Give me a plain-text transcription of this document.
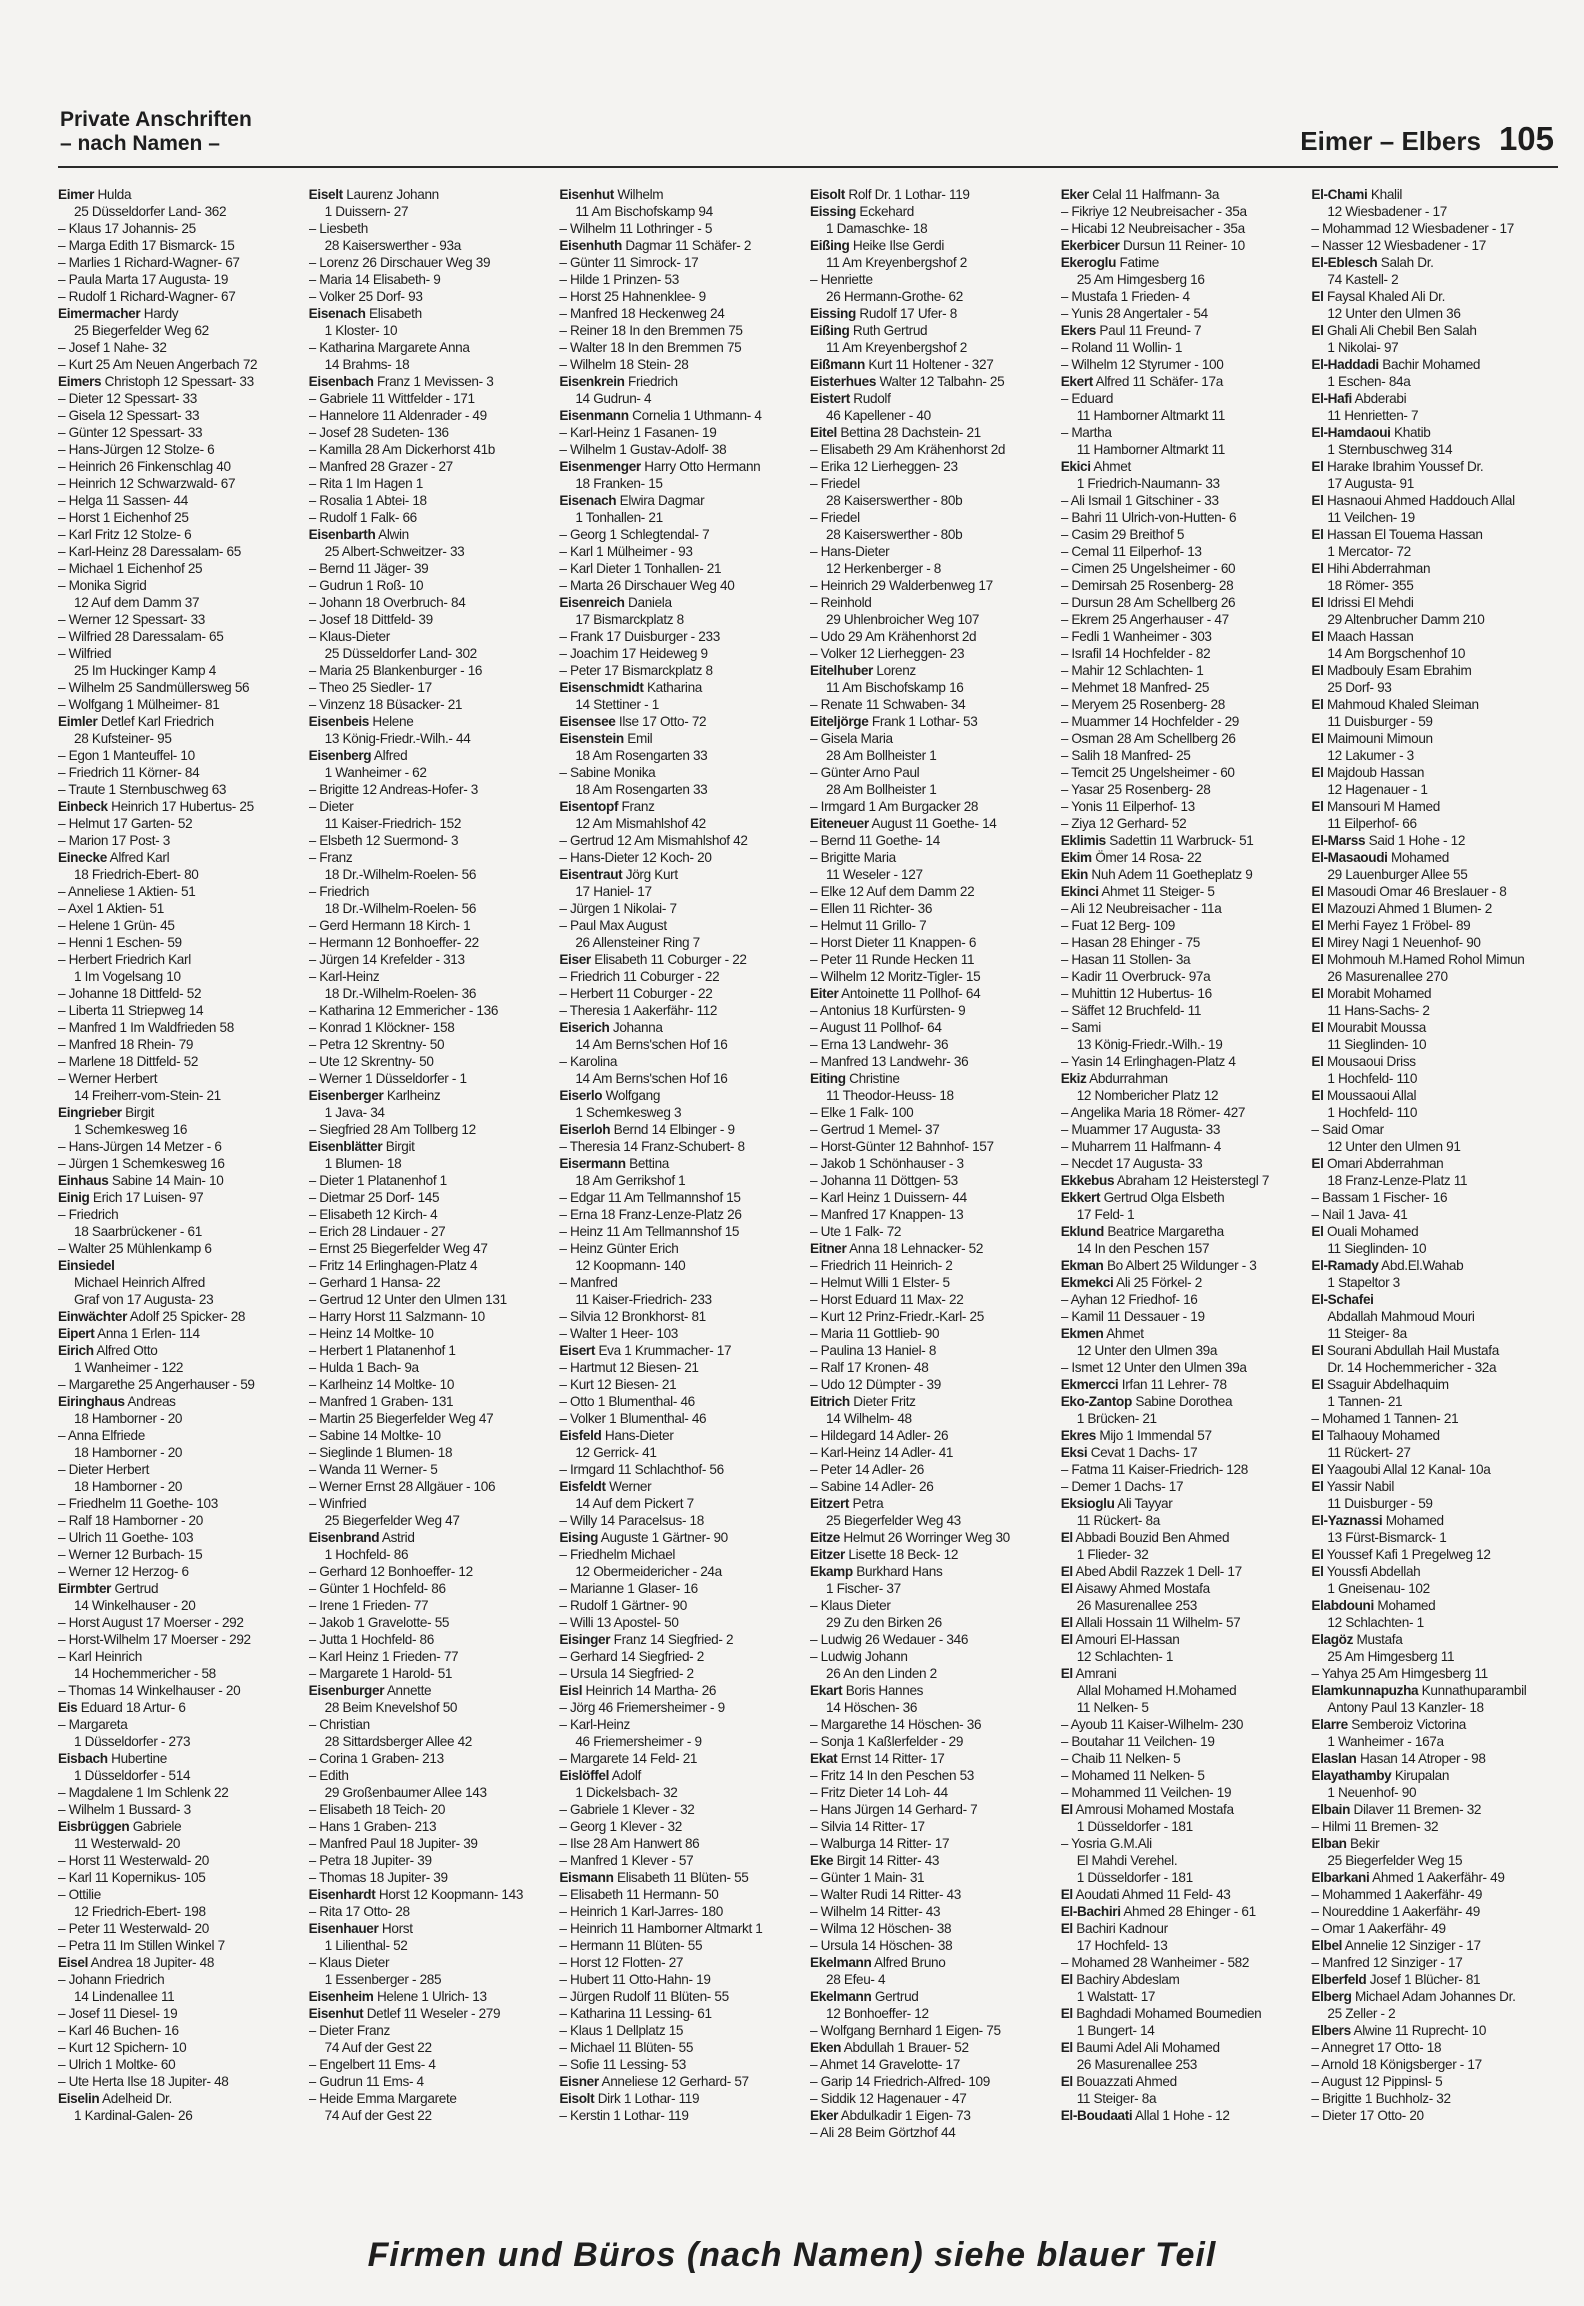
Private Anschriften
– nach Namen –	Eimer – Elbers 105
Eimer Hulda
25 Düsseldorfer Land- 362
– Klaus 17 Johannis- 25
– Marga Edith 17 Bismarck- 15
– Marlies 1 Richard-Wagner- 67
– Paula Marta 17 Augusta- 19
– Rudolf 1 Richard-Wagner- 67
Eimermacher Hardy
25 Biegerfelder Weg 62
– Josef 1 Nahe- 32
– Kurt 25 Am Neuen Angerbach 72
Eimers Christoph 12 Spessart- 33
– Dieter 12 Spessart- 33
– Gisela 12 Spessart- 33
– Günter 12 Spessart- 33
– Hans-Jürgen 12 Stolze- 6
– Heinrich 26 Finkenschlag 40
– Heinrich 12 Schwarzwald- 67
– Helga 11 Sassen- 44
– Horst 1 Eichenhof 25
– Karl Fritz 12 Stolze- 6
– Karl-Heinz 28 Daressalam- 65
– Michael 1 Eichenhof 25
– Monika Sigrid
12 Auf dem Damm 37
– Werner 12 Spessart- 33
– Wilfried 28 Daressalam- 65
– Wilfried
25 Im Huckinger Kamp 4
– Wilhelm 25 Sandmüllersweg 56
– Wolfgang 1 Mülheimer- 81
Eimler Detlef Karl Friedrich
28 Kufsteiner- 95
– Egon 1 Manteuffel- 10
– Friedrich 11 Körner- 84
– Traute 1 Sternbuschweg 63
Einbeck Heinrich 17 Hubertus- 25
– Helmut 17 Garten- 52
– Marion 17 Post- 3
Einecke Alfred Karl
18 Friedrich-Ebert- 80
– Anneliese 1 Aktien- 51
– Axel 1 Aktien- 51
– Helene 1 Grün- 45
– Henni 1 Eschen- 59
– Herbert Friedrich Karl
1 Im Vogelsang 10
– Johanne 18 Dittfeld- 52
– Liberta 11 Striepweg 14
– Manfred 1 Im Waldfrieden 58
– Manfred 18 Rhein- 79
– Marlene 18 Dittfeld- 52
– Werner Herbert
14 Freiherr-vom-Stein- 21
Eingrieber Birgit
1 Schemkesweg 16
– Hans-Jürgen 14 Metzer - 6
– Jürgen 1 Schemkesweg 16
Einhaus Sabine 14 Main- 10
Einig Erich 17 Luisen- 97
– Friedrich
18 Saarbrückener - 61
– Walter 25 Mühlenkamp 6
Einsiedel
Michael Heinrich Alfred
Graf von 17 Augusta- 23
Einwächter Adolf 25 Spicker- 28
Eipert Anna 1 Erlen- 114
Eirich Alfred Otto
1 Wanheimer - 122
– Margarethe 25 Angerhauser - 59
Eiringhaus Andreas
18 Hamborner - 20
– Anna Elfriede
18 Hamborner - 20
– Dieter Herbert
18 Hamborner - 20
– Friedhelm 11 Goethe- 103
– Ralf 18 Hamborner - 20
– Ulrich 11 Goethe- 103
– Werner 12 Burbach- 15
– Werner 12 Herzog- 6
Eirmbter Gertrud
14 Winkelhauser - 20
– Horst August 17 Moerser - 292
– Horst-Wilhelm 17 Moerser - 292
– Karl Heinrich
14 Hochemmericher - 58
– Thomas 14 Winkelhauser - 20
Eis Eduard 18 Artur- 6
– Margareta
1 Düsseldorfer - 273
Eisbach Hubertine
1 Düsseldorfer - 514
– Magdalene 1 Im Schlenk 22
– Wilhelm 1 Bussard- 3
Eisbrüggen Gabriele
11 Westerwald- 20
– Horst 11 Westerwald- 20
– Karl 11 Kopernikus- 105
– Ottilie
12 Friedrich-Ebert- 198
– Peter 11 Westerwald- 20
– Petra 11 Im Stillen Winkel 7
Eisel Andrea 18 Jupiter- 48
– Johann Friedrich
14 Lindenallee 11
– Josef 11 Diesel- 19
– Karl 46 Buchen- 16
– Kurt 12 Spichern- 10
– Ulrich 1 Moltke- 60
– Ute Herta Ilse 18 Jupiter- 48
Eiselin Adelheid Dr.
1 Kardinal-Galen- 26
Eiselt Laurenz Johann
1 Duissern- 27
– Liesbeth
28 Kaiserswerther - 93a
– Lorenz 26 Dirschauer Weg 39
– Maria 14 Elisabeth- 9
– Volker 25 Dorf- 93
Eisenach Elisabeth
1 Kloster- 10
– Katharina Margarete Anna
14 Brahms- 18
Eisenbach Franz 1 Mevissen- 3
– Gabriele 11 Wittfelder - 171
– Hannelore 11 Aldenrader - 49
– Josef 28 Sudeten- 136
– Kamilla 28 Am Dickerhorst 41b
– Manfred 28 Grazer - 27
– Rita 1 Im Hagen 1
– Rosalia 1 Abtei- 18
– Rudolf 1 Falk- 66
Eisenbarth Alwin
25 Albert-Schweitzer- 33
– Bernd 11 Jäger- 39
– Gudrun 1 Roß- 10
– Johann 18 Overbruch- 84
– Josef 18 Dittfeld- 39
– Klaus-Dieter
25 Düsseldorfer Land- 302
– Maria 25 Blankenburger - 16
– Theo 25 Siedler- 17
– Vinzenz 18 Büsacker- 21
Eisenbeis Helene
13 König-Friedr.-Wilh.- 44
Eisenberg Alfred
1 Wanheimer - 62
– Brigitte 12 Andreas-Hofer- 3
– Dieter
11 Kaiser-Friedrich- 152
– Elsbeth 12 Suermond- 3
– Franz
18 Dr.-Wilhelm-Roelen- 56
– Friedrich
18 Dr.-Wilhelm-Roelen- 56
– Gerd Hermann 18 Kirch- 1
– Hermann 12 Bonhoeffer- 22
– Jürgen 14 Krefelder - 313
– Karl-Heinz
18 Dr.-Wilhelm-Roelen- 36
– Katharina 12 Emmericher - 136
– Konrad 1 Klöckner- 158
– Petra 12 Skrentny- 50
– Ute 12 Skrentny- 50
– Werner 1 Düsseldorfer - 1
Eisenberger Karlheinz
1 Java- 34
– Siegfried 28 Am Tollberg 12
Eisenblätter Birgit
1 Blumen- 18
– Dieter 1 Platanenhof 1
– Dietmar 25 Dorf- 145
– Elisabeth 12 Kirch- 4
– Erich 28 Lindauer - 27
– Ernst 25 Biegerfelder Weg 47
– Fritz 14 Erlinghagen-Platz 4
– Gerhard 1 Hansa- 22
– Gertrud 12 Unter den Ulmen 131
– Harry Horst 11 Salzmann- 10
– Heinz 14 Moltke- 10
– Herbert 1 Platanenhof 1
– Hulda 1 Bach- 9a
– Karlheinz 14 Moltke- 10
– Manfred 1 Graben- 131
– Martin 25 Biegerfelder Weg 47
– Sabine 14 Moltke- 10
– Sieglinde 1 Blumen- 18
– Wanda 11 Werner- 5
– Werner Ernst 28 Allgäuer - 106
– Winfried
25 Biegerfelder Weg 47
Eisenbrand Astrid
1 Hochfeld- 86
– Gerhard 12 Bonhoeffer- 12
– Günter 1 Hochfeld- 86
– Irene 1 Frieden- 77
– Jakob 1 Gravelotte- 55
– Jutta 1 Hochfeld- 86
– Karl Heinz 1 Frieden- 77
– Margarete 1 Harold- 51
Eisenburger Annette
28 Beim Knevelshof 50
– Christian
28 Sittardsberger Allee 42
– Corina 1 Graben- 213
– Edith
29 Großenbaumer Allee 143
– Elisabeth 18 Teich- 20
– Hans 1 Graben- 213
– Manfred Paul 18 Jupiter- 39
– Petra 18 Jupiter- 39
– Thomas 18 Jupiter- 39
Eisenhardt Horst 12 Koopmann- 143
– Rita 17 Otto- 28
Eisenhauer Horst
1 Lilienthal- 52
– Klaus Dieter
1 Essenberger - 285
Eisenheim Helene 1 Ulrich- 13
Eisenhut Detlef 11 Weseler - 279
– Dieter Franz
74 Auf der Gest 22
– Engelbert 11 Ems- 4
– Gudrun 11 Ems- 4
– Heide Emma Margarete
74 Auf der Gest 22
Eisenhut Wilhelm
11 Am Bischofskamp 94
– Wilhelm 11 Lothringer - 5
Eisenhuth Dagmar 11 Schäfer- 2
– Günter 11 Simrock- 17
– Hilde 1 Prinzen- 53
– Horst 25 Hahnenklee- 9
– Manfred 18 Heckenweg 24
– Reiner 18 In den Bremmen 75
– Walter 18 In den Bremmen 75
– Wilhelm 18 Stein- 28
Eisenkrein Friedrich
14 Gudrun- 4
Eisenmann Cornelia 1 Uthmann- 4
– Karl-Heinz 1 Fasanen- 19
– Wilhelm 1 Gustav-Adolf- 38
Eisenmenger Harry Otto Hermann
18 Franken- 15
Eisenach Elwira Dagmar
1 Tonhallen- 21
– Georg 1 Schlegtendal- 7
– Karl 1 Mülheimer - 93
– Karl Dieter 1 Tonhallen- 21
– Marta 26 Dirschauer Weg 40
Eisenreich Daniela
17 Bismarckplatz 8
– Frank 17 Duisburger - 233
– Joachim 17 Heideweg 9
– Peter 17 Bismarckplatz 8
Eisenschmidt Katharina
14 Stettiner - 1
Eisensee Ilse 17 Otto- 72
Eisenstein Emil
18 Am Rosengarten 33
– Sabine Monika
18 Am Rosengarten 33
Eisentopf Franz
12 Am Mismahlshof 42
– Gertrud 12 Am Mismahlshof 42
– Hans-Dieter 12 Koch- 20
Eisentraut Jörg Kurt
17 Haniel- 17
– Jürgen 1 Nikolai- 7
– Paul Max August
26 Allensteiner Ring 7
Eiser Elisabeth 11 Coburger - 22
– Friedrich 11 Coburger - 22
– Herbert 11 Coburger - 22
– Theresia 1 Aakerfähr- 112
Eiserich Johanna
14 Am Berns'schen Hof 16
– Karolina
14 Am Berns'schen Hof 16
Eiserlo Wolfgang
1 Schemkesweg 3
Eiserloh Bernd 14 Elbinger - 9
– Theresia 14 Franz-Schubert- 8
Eisermann Bettina
18 Am Gerrikshof 1
– Edgar 11 Am Tellmannshof 15
– Erna 18 Franz-Lenze-Platz 26
– Heinz 11 Am Tellmannshof 15
– Heinz Günter Erich
12 Koopmann- 140
– Manfred
11 Kaiser-Friedrich- 233
– Silvia 12 Bronkhorst- 81
– Walter 1 Heer- 103
Eisert Eva 1 Krummacher- 17
– Hartmut 12 Biesen- 21
– Kurt 12 Biesen- 21
– Otto 1 Blumenthal- 46
– Volker 1 Blumenthal- 46
Eisfeld Hans-Dieter
12 Gerrick- 41
– Irmgard 11 Schlachthof- 56
Eisfeldt Werner
14 Auf dem Pickert 7
– Willy 14 Paracelsus- 18
Eising Auguste 1 Gärtner- 90
– Friedhelm Michael
12 Obermeidericher - 24a
– Marianne 1 Glaser- 16
– Rudolf 1 Gärtner- 90
– Willi 13 Apostel- 50
Eisinger Franz 14 Siegfried- 2
– Gerhard 14 Siegfried- 2
– Ursula 14 Siegfried- 2
Eisl Heinrich 14 Martha- 26
– Jörg 46 Friemersheimer - 9
– Karl-Heinz
46 Friemersheimer - 9
– Margarete 14 Feld- 21
Eislöffel Adolf
1 Dickelsbach- 32
– Gabriele 1 Klever - 32
– Georg 1 Klever - 32
– Ilse 28 Am Hanwert 86
– Manfred 1 Klever - 57
Eismann Elisabeth 11 Blüten- 55
– Elisabeth 11 Hermann- 50
– Heinrich 1 Karl-Jarres- 180
– Heinrich 11 Hamborner Altmarkt 1
– Hermann 11 Blüten- 55
– Horst 12 Flotten- 27
– Hubert 11 Otto-Hahn- 19
– Jürgen Rudolf 11 Blüten- 55
– Katharina 11 Lessing- 61
– Klaus 1 Dellplatz 15
– Michael 11 Blüten- 55
– Sofie 11 Lessing- 53
Eisner Anneliese 12 Gerhard- 57
Eisolt Dirk 1 Lothar- 119
– Kerstin 1 Lothar- 119
Eisolt Rolf Dr. 1 Lothar- 119
Eissing Eckehard
1 Damaschke- 18
Eißing Heike Ilse Gerdi
11 Am Kreyenbergshof 2
– Henriette
26 Hermann-Grothe- 62
Eissing Rudolf 17 Ufer- 8
Eißing Ruth Gertrud
11 Am Kreyenbergshof 2
Eißmann Kurt 11 Holtener - 327
Eisterhues Walter 12 Talbahn- 25
Eistert Rudolf
46 Kapellener - 40
Eitel Bettina 28 Dachstein- 21
– Elisabeth 29 Am Krähenhorst 2d
– Erika 12 Lierheggen- 23
– Friedel
28 Kaiserswerther - 80b
– Friedel
28 Kaiserswerther - 80b
– Hans-Dieter
12 Herkenberger - 8
– Heinrich 29 Walderbenweg 17
– Reinhold
29 Uhlenbroicher Weg 107
– Udo 29 Am Krähenhorst 2d
– Volker 12 Lierheggen- 23
Eitelhuber Lorenz
11 Am Bischofskamp 16
– Renate 11 Schwaben- 34
Eiteljörge Frank 1 Lothar- 53
– Gisela Maria
28 Am Bollheister 1
– Günter Arno Paul
28 Am Bollheister 1
– Irmgard 1 Am Burgacker 28
Eiteneuer August 11 Goethe- 14
– Bernd 11 Goethe- 14
– Brigitte Maria
11 Weseler - 127
– Elke 12 Auf dem Damm 22
– Ellen 11 Richter- 36
– Helmut 11 Grillo- 7
– Horst Dieter 11 Knappen- 6
– Peter 11 Runde Hecken 11
– Wilhelm 12 Moritz-Tigler- 15
Eiter Antoinette 11 Pollhof- 64
– Antonius 18 Kurfürsten- 9
– August 11 Pollhof- 64
– Erna 13 Landwehr- 36
– Manfred 13 Landwehr- 36
Eiting Christine
11 Theodor-Heuss- 18
– Elke 1 Falk- 100
– Gertrud 1 Memel- 37
– Horst-Günter 12 Bahnhof- 157
– Jakob 1 Schönhauser - 3
– Johanna 11 Döttgen- 53
– Karl Heinz 1 Duissern- 44
– Manfred 17 Knappen- 13
– Ute 1 Falk- 72
Eitner Anna 18 Lehnacker- 52
– Friedrich 11 Heinrich- 2
– Helmut Willi 1 Elster- 5
– Horst Eduard 11 Max- 22
– Kurt 12 Prinz-Friedr.-Karl- 25
– Maria 11 Gottlieb- 90
– Paulina 13 Haniel- 8
– Ralf 17 Kronen- 48
– Udo 12 Dümpter - 39
Eitrich Dieter Fritz
14 Wilhelm- 48
– Hildegard 14 Adler- 26
– Karl-Heinz 14 Adler- 41
– Peter 14 Adler- 26
– Sabine 14 Adler- 26
Eitzert Petra
25 Biegerfelder Weg 43
Eitze Helmut 26 Worringer Weg 30
Eitzer Lisette 18 Beck- 12
Ekamp Burkhard Hans
1 Fischer- 37
– Klaus Dieter
29 Zu den Birken 26
– Ludwig 26 Wedauer - 346
– Ludwig Johann
26 An den Linden 2
Ekart Boris Hannes
14 Höschen- 36
– Margarethe 14 Höschen- 36
– Sonja 1 Kaßlerfelder - 29
Ekat Ernst 14 Ritter- 17
– Fritz 14 In den Peschen 53
– Fritz Dieter 14 Loh- 44
– Hans Jürgen 14 Gerhard- 7
– Silvia 14 Ritter- 17
– Walburga 14 Ritter- 17
Eke Birgit 14 Ritter- 43
– Günter 1 Main- 31
– Walter Rudi 14 Ritter- 43
– Wilhelm 14 Ritter- 43
– Wilma 12 Höschen- 38
– Ursula 14 Höschen- 38
Ekelmann Alfred Bruno
28 Efeu- 4
Ekelmann Gertrud
12 Bonhoeffer- 12
– Wolfgang Bernhard 1 Eigen- 75
Eken Abdullah 1 Brauer- 52
– Ahmet 14 Gravelotte- 17
– Garip 14 Friedrich-Alfred- 109
– Siddik 12 Hagenauer - 47
Eker Abdulkadir 1 Eigen- 73
– Ali 28 Beim Görtzhof 44
Eker Celal 11 Halfmann- 3a
– Fikriye 12 Neubreisacher - 35a
– Hicabi 12 Neubreisacher - 35a
Ekerbicer Dursun 11 Reiner- 10
Ekeroglu Fatime
25 Am Himgesberg 16
– Mustafa 1 Frieden- 4
– Yunis 28 Angertaler - 54
Ekers Paul 11 Freund- 7
– Roland 11 Wollin- 1
– Wilhelm 12 Styrumer - 100
Ekert Alfred 11 Schäfer- 17a
– Eduard
11 Hamborner Altmarkt 11
– Martha
11 Hamborner Altmarkt 11
Ekici Ahmet
1 Friedrich-Naumann- 33
– Ali Ismail 1 Gitschiner - 33
– Bahri 11 Ulrich-von-Hutten- 6
– Casim 29 Breithof 5
– Cemal 11 Eilperhof- 13
– Cimen 25 Ungelsheimer - 60
– Demirsah 25 Rosenberg- 28
– Dursun 28 Am Schellberg 26
– Ekrem 25 Angerhauser - 47
– Fedli 1 Wanheimer - 303
– Israfil 14 Hochfelder - 82
– Mahir 12 Schlachten- 1
– Mehmet 18 Manfred- 25
– Meryem 25 Rosenberg- 28
– Muammer 14 Hochfelder - 29
– Osman 28 Am Schellberg 26
– Salih 18 Manfred- 25
– Temcit 25 Ungelsheimer - 60
– Yasar 25 Rosenberg- 28
– Yonis 11 Eilperhof- 13
– Ziya 12 Gerhard- 52
Eklimis Sadettin 11 Warbruck- 51
Ekim Ömer 14 Rosa- 22
Ekin Nuh Adem 11 Goetheplatz 9
Ekinci Ahmet 11 Steiger- 5
– Ali 12 Neubreisacher - 11a
– Fuat 12 Berg- 109
– Hasan 28 Ehinger - 75
– Hasan 11 Stollen- 3a
– Kadir 11 Overbruck- 97a
– Muhittin 12 Hubertus- 16
– Säffet 12 Bruchfeld- 11
– Sami
13 König-Friedr.-Wilh.- 19
– Yasin 14 Erlinghagen-Platz 4
Ekiz Abdurrahman
12 Nombericher Platz 12
– Angelika Maria 18 Römer- 427
– Muammer 17 Augusta- 33
– Muharrem 11 Halfmann- 4
– Necdet 17 Augusta- 33
Ekkebus Abraham 12 Heisterstegl 7
Ekkert Gertrud Olga Elsbeth
17 Feld- 1
Eklund Beatrice Margaretha
14 In den Peschen 157
Ekman Bo Albert 25 Wildunger - 3
Ekmekci Ali 25 Förkel- 2
– Ayhan 12 Friedhof- 16
– Kamil 11 Dessauer - 19
Ekmen Ahmet
12 Unter den Ulmen 39a
– Ismet 12 Unter den Ulmen 39a
Ekmercci Irfan 11 Lehrer- 78
Eko-Zantop Sabine Dorothea
1 Brücken- 21
Ekres Mijo 1 Immendal 57
Eksi Cevat 1 Dachs- 17
– Fatma 11 Kaiser-Friedrich- 128
– Demer 1 Dachs- 17
Eksioglu Ali Tayyar
11 Rückert- 8a
El Abbadi Bouzid Ben Ahmed
1 Flieder- 32
El Abed Abdil Razzek 1 Dell- 17
El Aisawy Ahmed Mostafa
26 Masurenallee 253
El Allali Hossain 11 Wilhelm- 57
El Amouri El-Hassan
12 Schlachten- 1
El Amrani
Allal Mohamed H.Mohamed
11 Nelken- 5
– Ayoub 11 Kaiser-Wilhelm- 230
– Boutahar 11 Veilchen- 19
– Chaib 11 Nelken- 5
– Mohamed 11 Nelken- 5
– Mohammed 11 Veilchen- 19
El Amrousi Mohamed Mostafa
1 Düsseldorfer - 181
– Yosria G.M.Ali
El Mahdi Verehel.
1 Düsseldorfer - 181
El Aoudati Ahmed 11 Feld- 43
El-Bachiri Ahmed 28 Ehinger - 61
El Bachiri Kadnour
17 Hochfeld- 13
– Mohamed 28 Wanheimer - 582
El Bachiry Abdeslam
1 Walstatt- 17
El Baghdadi Mohamed Boumedien
1 Bungert- 14
El Baumi Adel Ali Mohamed
26 Masurenallee 253
El Bouazzati Ahmed
11 Steiger- 8a
El-Boudaati Allal 1 Hohe - 12
El-Chami Khalil
12 Wiesbadener - 17
– Mohammad 12 Wiesbadener - 17
– Nasser 12 Wiesbadener - 17
El-Eblesch Salah Dr.
74 Kastell- 2
El Faysal Khaled Ali Dr.
12 Unter den Ulmen 36
El Ghali Ali Chebil Ben Salah
1 Nikolai- 97
El-Haddadi Bachir Mohamed
1 Eschen- 84a
El-Hafi Abderabi
11 Henrietten- 7
El-Hamdaoui Khatib
1 Sternbuschweg 314
El Harake Ibrahim Youssef Dr.
17 Augusta- 91
El Hasnaoui Ahmed Haddouch Allal
11 Veilchen- 19
El Hassan El Touema Hassan
1 Mercator- 72
El Hihi Abderrahman
18 Römer- 355
El Idrissi El Mehdi
29 Altenbrucher Damm 210
El Maach Hassan
14 Am Borgschenhof 10
El Madbouly Esam Ebrahim
25 Dorf- 93
El Mahmoud Khaled Sleiman
11 Duisburger - 59
El Maimouni Mimoun
12 Lakumer - 3
El Majdoub Hassan
12 Hagenauer - 1
El Mansouri M Hamed
11 Eilperhof- 66
El-Marss Said 1 Hohe - 12
El-Masaoudi Mohamed
29 Lauenburger Allee 55
El Masoudi Omar 46 Breslauer - 8
El Mazouzi Ahmed 1 Blumen- 2
El Merhi Fayez 1 Fröbel- 89
El Mirey Nagi 1 Neuenhof- 90
El Mohmouh M.Hamed Rohol Mimun
26 Masurenallee 270
El Morabit Mohamed
11 Hans-Sachs- 2
El Mourabit Moussa
11 Sieglinden- 10
El Mousaoui Driss
1 Hochfeld- 110
El Moussaoui Allal
1 Hochfeld- 110
– Said Omar
12 Unter den Ulmen 91
El Omari Abderrahman
18 Franz-Lenze-Platz 11
– Bassam 1 Fischer- 16
– Nail 1 Java- 41
El Ouali Mohamed
11 Sieglinden- 10
El-Ramady Abd.El.Wahab
1 Stapeltor 3
El-Schafei
Abdallah Mahmoud Mouri
11 Steiger- 8a
El Sourani Abdullah Hail Mustafa
Dr. 14 Hochemmericher - 32a
El Ssaguir Abdelhaquim
1 Tannen- 21
– Mohamed 1 Tannen- 21
El Talhaouy Mohamed
11 Rückert- 27
El Yaagoubi Allal 12 Kanal- 10a
El Yassir Nabil
11 Duisburger - 59
El-Yaznassi Mohamed
13 Fürst-Bismarck- 1
El Youssef Kafi 1 Pregelweg 12
El Youssfi Abdellah
1 Gneisenau- 102
Elabdouni Mohamed
12 Schlachten- 1
Elagöz Mustafa
25 Am Himgesberg 11
– Yahya 25 Am Himgesberg 11
Elamkunnapuzha Kunnathuparambil
Antony Paul 13 Kanzler- 18
Elarre Semberoiz Victorina
1 Wanheimer - 167a
Elaslan Hasan 14 Atroper - 98
Elayathamby Kirupalan
1 Neuenhof- 90
Elbain Dilaver 11 Bremen- 32
– Hilmi 11 Bremen- 32
Elban Bekir
25 Biegerfelder Weg 15
Elbarkani Ahmed 1 Aakerfähr- 49
– Mohammed 1 Aakerfähr- 49
– Noureddine 1 Aakerfähr- 49
– Omar 1 Aakerfähr- 49
Elbel Annelie 12 Sinziger - 17
– Manfred 12 Sinziger - 17
Elberfeld Josef 1 Blücher- 81
Elberg Michael Adam Johannes Dr.
25 Zeller - 2
Elbers Alwine 11 Ruprecht- 10
– Annegret 17 Otto- 18
– Arnold 18 Königsberger - 17
– August 12 Pippinsl- 5
– Brigitte 1 Buchholz- 32
– Dieter 17 Otto- 20
Firmen und Büros (nach Namen) siehe blauer Teil
